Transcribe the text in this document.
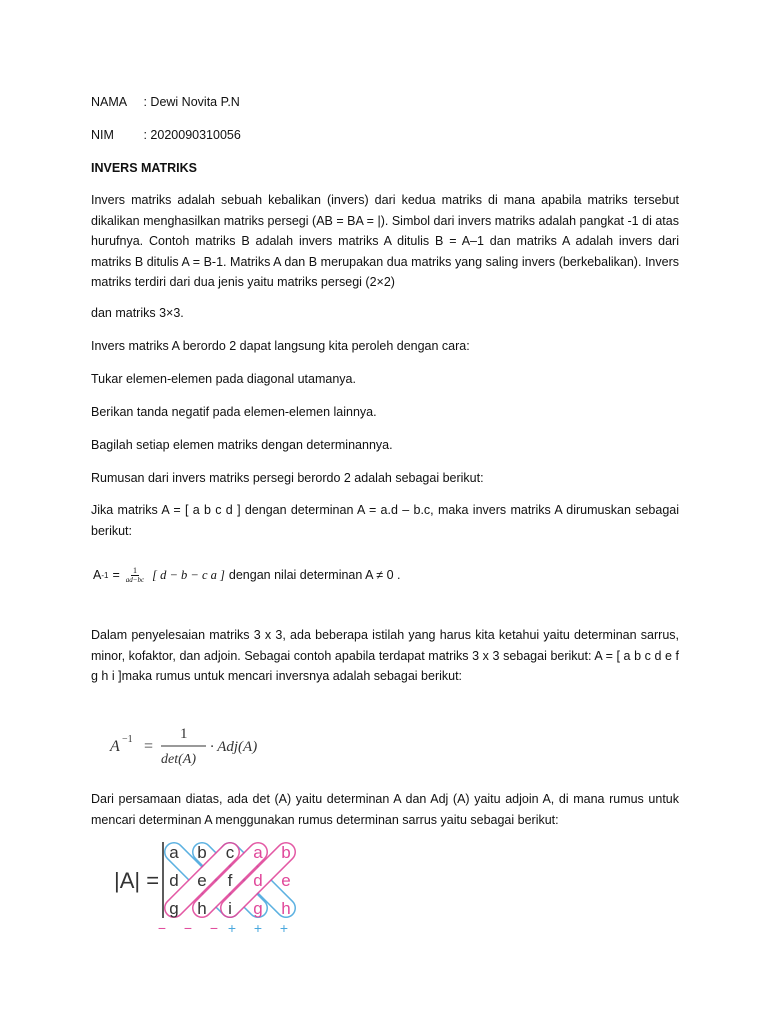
NAMA : Dewi Novita P.N
NIM : 2020090310056
INVERS MATRIKS
Invers matriks adalah sebuah kebalikan (invers) dari kedua matriks di mana apabila matriks tersebut dikalikan menghasilkan matriks persegi (AB = BA = |). Simbol dari invers matriks adalah pangkat -1 di atas hurufnya. Contoh matriks B adalah invers matriks A ditulis B = A–1 dan matriks A adalah invers dari matriks B ditulis A = B-1. Matriks A dan B merupakan dua matriks yang saling invers (berkebalikan). Invers matriks terdiri dari dua jenis yaitu matriks persegi (2×2)
dan matriks 3×3.
Invers matriks A berordo 2 dapat langsung kita peroleh dengan cara:
Tukar elemen-elemen pada diagonal utamanya.
Berikan tanda negatif pada elemen-elemen lainnya.
Bagilah setiap elemen matriks dengan determinannya.
Rumusan dari invers matriks persegi berordo 2 adalah sebagai berikut:
Jika matriks A = [ a b c d ] dengan determinan A = a.d – b.c, maka invers matriks A dirumuskan sebagai berikut:
A $-1 = \frac{1}{ad-bc}$ [ d − b − c a ] dengan nilai determinan A ≠ 0 .
Dalam penyelesaian matriks 3 x 3, ada beberapa istilah yang harus kita ketahui yaitu determinan sarrus, minor, kofaktor, dan adjoin. Sebagai contoh apabila terdapat matriks 3 x 3 sebagai berikut: A = [ a b c d e f g h i ]maka rumus untuk mencari inversnya adalah sebagai berikut:
A −1 =
1
det(A)
· Adj(A)
Dari persamaan diatas, ada det (A) yaitu determinan A dan Adj (A) yaitu adjoin A, di mana rumus untuk mencari determinan A menggunakan rumus determinan sarrus yaitu sebagai berikut:
|A| =
a b c a b
d e f d e
g h i g h
− − − + + +
